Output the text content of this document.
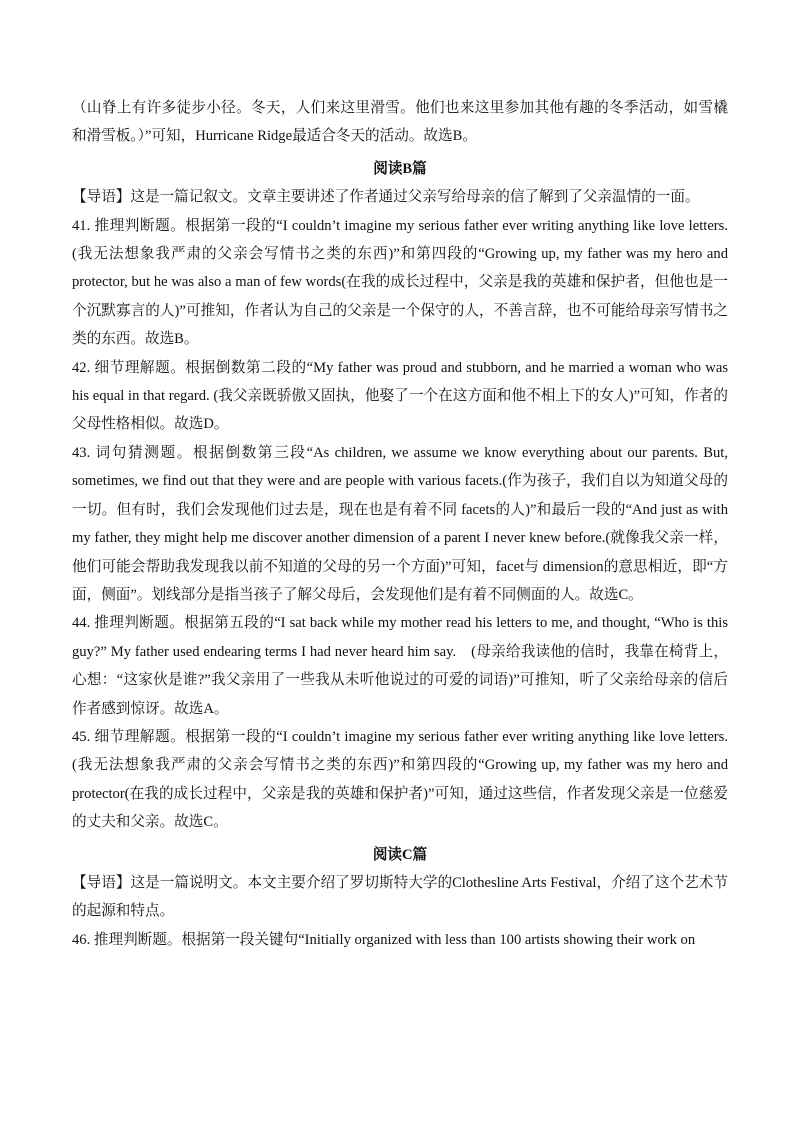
（山脊上有许多徒步小径。冬天，人们来这里滑雪。他们也来这里参加其他有趣的冬季活动，如雪橇和滑雪板。）”可知，Hurricane Ridge最适合冬天的活动。故选B。

阅读B篇

【导语】这是一篇记叙文。文章主要讲述了作者通过父亲写给母亲的信了解到了父亲温情的一面。

41. 推理判断题。根据第一段的“I couldn’t imagine my serious father ever writing anything like love letters.(我无法想象我严肃的父亲会写情书之类的东西)”和第四段的“Growing up, my father was my hero and protector, but he was also a man of few words(在我的成长过程中，父亲是我的英雄和保护者，但他也是一个沉默寡言的人)”可推知，作者认为自己的父亲是一个保守的人，不善言辞，也不可能给母亲写情书之类的东西。故选B。

42. 细节理解题。根据倒数第二段的“My father was proud and stubborn, and he married a woman who was his equal in that regard. (我父亲既骄傲又固执，他娶了一个在这方面和他不相上下的女人)”可知，作者的父母性格相似。故选D。

43. 词句猜测题。根据倒数第三段“As children, we assume we know everything about our parents. But, sometimes, we find out that they were and are people with various facets.(作为孩子，我们自以为知道父母的一切。但有时，我们会发现他们过去是，现在也是有着不同 facets的人)”和最后一段的“And just as with my father, they might help me discover another dimension of a parent I never knew before.(就像我父亲一样，他们可能会帮助我发现我以前不知道的父母的另一个方面)”可知，facet与 dimension的意思相近，即“方面，侧面”。划线部分是指当孩子了解父母后，会发现他们是有着不同侧面的人。故选C。

44. 推理判断题。根据第五段的“I sat back while my mother read his letters to me, and thought, “Who is this guy?” My father used endearing terms I had never heard him say.　(母亲给我读他的信时，我靠在椅背上，心想：“这家伙是谁?”我父亲用了一些我从未听他说过的可爱的词语)”可推知，听了父亲给母亲的信后作者感到惊讶。故选A。

45. 细节理解题。根据第一段的“I couldn’t imagine my serious father ever writing anything like love letters.(我无法想象我严肃的父亲会写情书之类的东西)”和第四段的“Growing up, my father was my hero and protector(在我的成长过程中，父亲是我的英雄和保护者)”可知，通过这些信，作者发现父亲是一位慈爱的丈夫和父亲。故选C。

阅读C篇

【导语】这是一篇说明文。本文主要介绍了罗切斯特大学的Clothesline Arts Festival，介绍了这个艺术节的起源和特点。

46. 推理判断题。根据第一段关键句“Initially organized with less than 100 artists showing their work on
